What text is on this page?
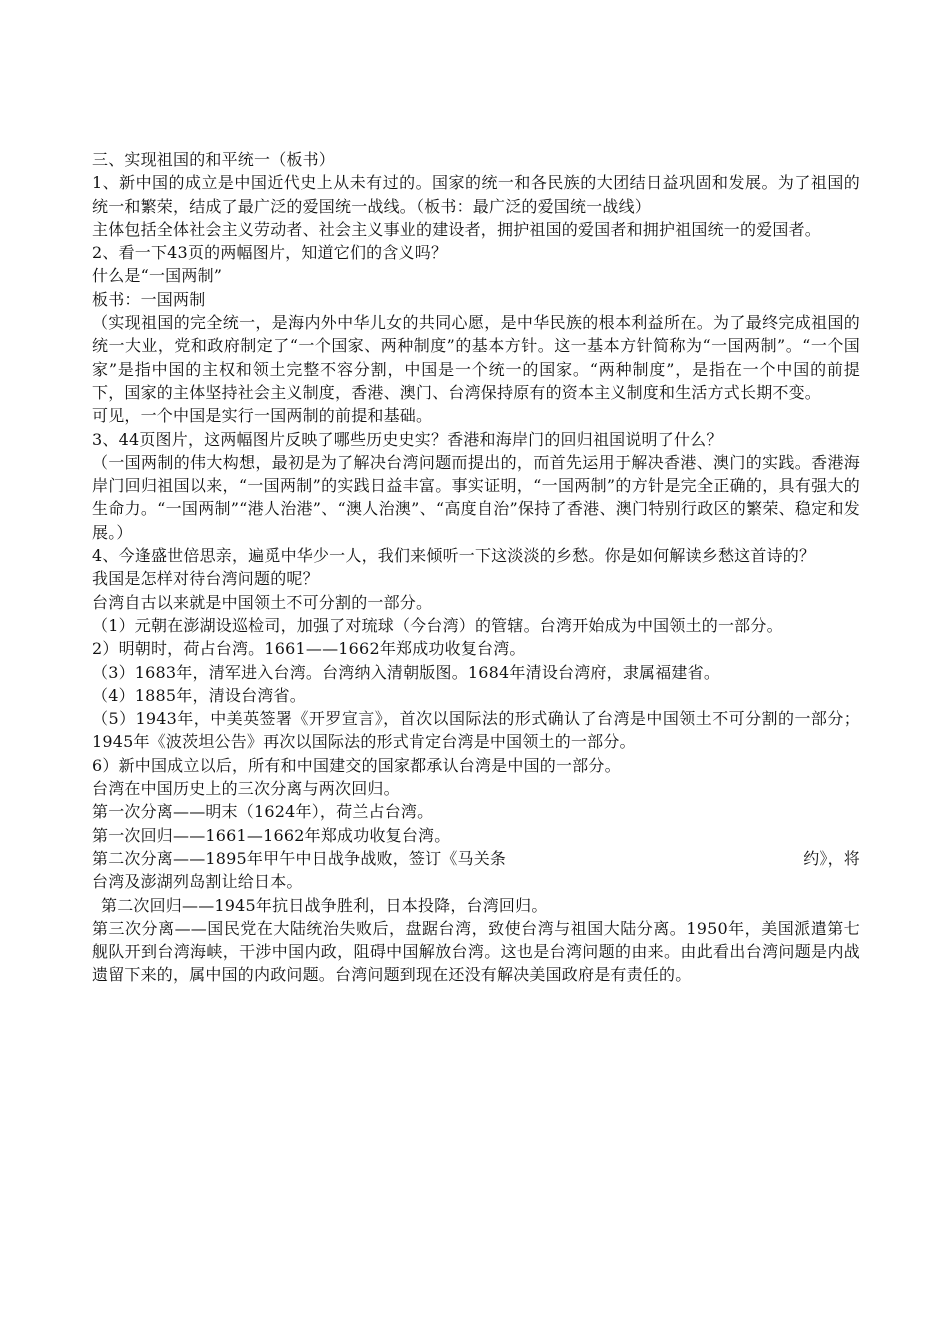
三、实现祖国的和平统一（板书）

1、新中国的成立是中国近代史上从未有过的。国家的统一和各民族的大团结日益巩固和发展。为了祖国的统一和繁荣，结成了最广泛的爱国统一战线。（板书：最广泛的爱国统一战线）

主体包括全体社会主义劳动者、社会主义事业的建设者，拥护祖国的爱国者和拥护祖国统一的爱国者。

2、看一下43页的两幅图片，知道它们的含义吗？

什么是“一国两制”

板书：一国两制

（实现祖国的完全统一，是海内外中华儿女的共同心愿，是中华民族的根本利益所在。为了最终完成祖国的统一大业，党和政府制定了“一个国家、两种制度”的基本方针。这一基本方针简称为“一国两制”。“一个国家”是指中国的主权和领土完整不容分割，中国是一个统一的国家。“两种制度”，是指在一个中国的前提下，国家的主体坚持社会主义制度，香港、澳门、台湾保持原有的资本主义制度和生活方式长期不变。

可见，一个中国是实行一国两制的前提和基础。

3、44页图片，这两幅图片反映了哪些历史史实？香港和海岸门的回归祖国说明了什么？

（一国两制的伟大构想，最初是为了解决台湾问题而提出的，而首先运用于解决香港、澳门的实践。香港海岸门回归祖国以来，“一国两制”的实践日益丰富。事实证明，“一国两制”的方针是完全正确的，具有强大的生命力。“一国两制”“港人治港”、“澳人治澳”、“高度自治”保持了香港、澳门特别行政区的繁荣、稳定和发展。）

4、今逢盛世倍思亲，遍觅中华少一人，我们来倾听一下这淡淡的乡愁。你是如何解读乡愁这首诗的？

我国是怎样对待台湾问题的呢？

台湾自古以来就是中国领土不可分割的一部分。

（1）元朝在澎湖设巡检司，加强了对琉球（今台湾）的管辖。台湾开始成为中国领土的一部分。

2）明朝时，荷占台湾。1661——1662年郑成功收复台湾。

（3）1683年，清军进入台湾。台湾纳入清朝版图。1684年清设台湾府，隶属福建省。

（4）1885年，清设台湾省。

（5）1943年，中美英签署《开罗宣言》，首次以国际法的形式确认了台湾是中国领土不可分割的一部分；1945年《波茨坦公告》再次以国际法的形式肯定台湾是中国领土的一部分。

6）新中国成立以后，所有和中国建交的国家都承认台湾是中国的一部分。

台湾在中国历史上的三次分离与两次回归。

第一次分离——明末（1624年），荷兰占台湾。

第一次回归——1661—1662年郑成功收复台湾。

第二次分离——1895年甲午中日战争战败，签订《马关条	约》，将
台湾及澎湖列岛割让给日本。

第二次回归——1945年抗日战争胜利，日本投降，台湾回归。

第三次分离——国民党在大陆统治失败后，盘踞台湾，致使台湾与祖国大陆分离。1950年，美国派遣第七舰队开到台湾海峡，干涉中国内政，阻碍中国解放台湾。这也是台湾问题的由来。由此看出台湾问题是内战遗留下来的，属中国的内政问题。台湾问题到现在还没有解决美国政府是有责任的。
